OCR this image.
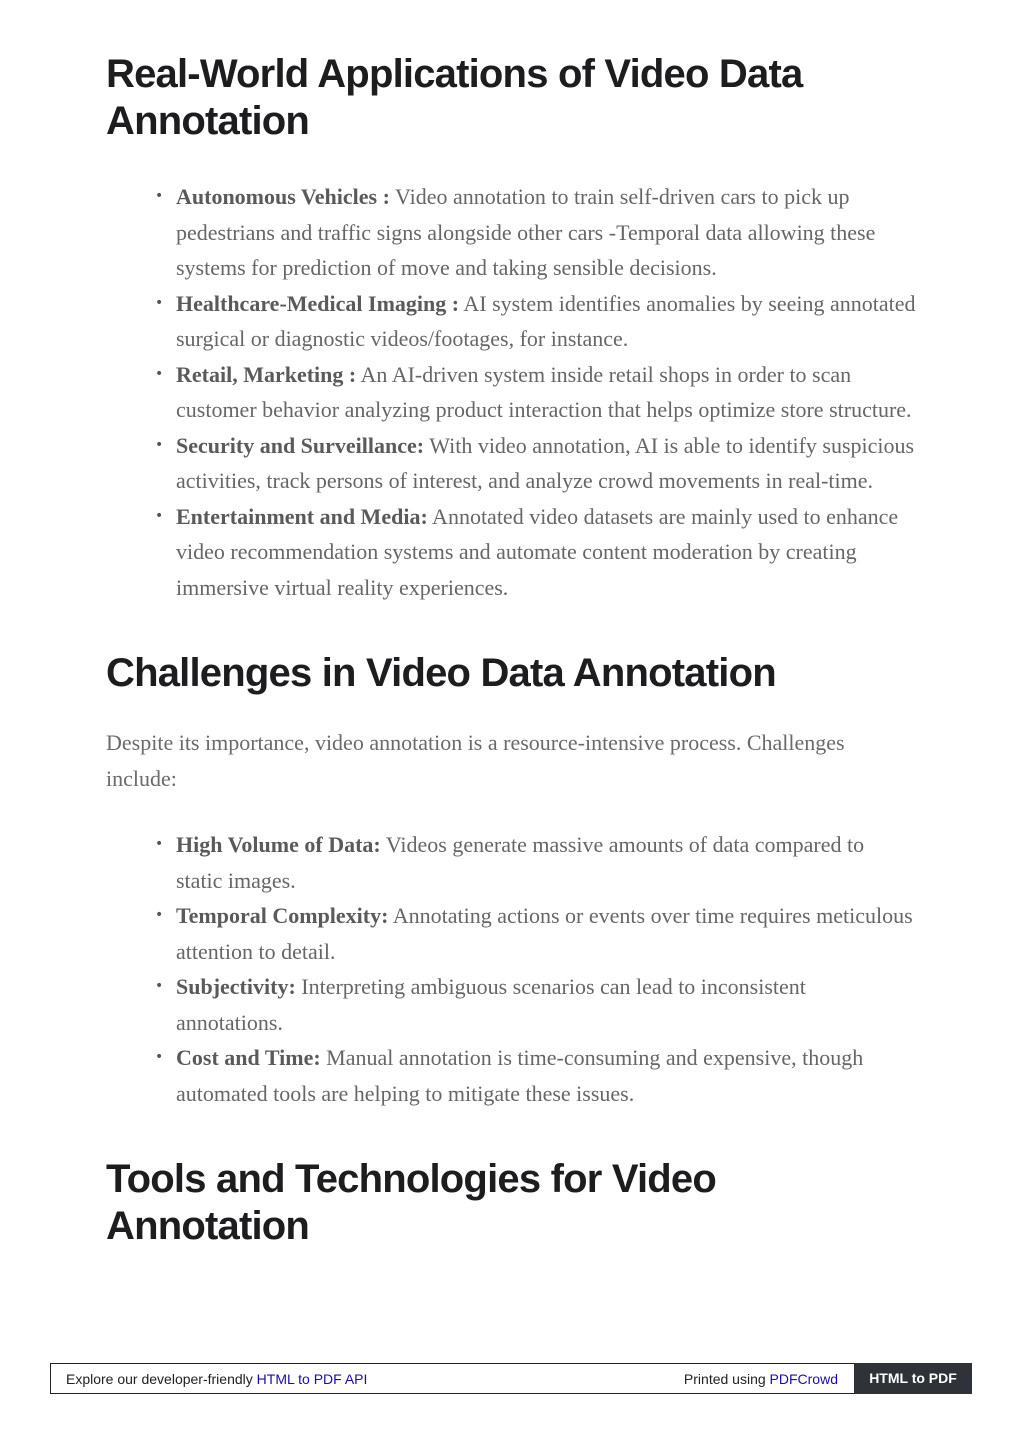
Real-World Applications of Video Data
Annotation
• Autonomous Vehicles : Video annotation to train self-driven cars to pick up pedestrians and traffic signs alongside other cars -Temporal data allowing these systems for prediction of move and taking sensible decisions.
• Healthcare-Medical Imaging : AI system identifies anomalies by seeing annotated surgical or diagnostic videos/footages, for instance.
• Retail, Marketing : An AI-driven system inside retail shops in order to scan customer behavior analyzing product interaction that helps optimize store structure.
• Security and Surveillance: With video annotation, AI is able to identify suspicious activities, track persons of interest, and analyze crowd movements in real-time.
• Entertainment and Media: Annotated video datasets are mainly used to enhance video recommendation systems and automate content moderation by creating immersive virtual reality experiences.
Challenges in Video Data Annotation

Despite its importance, video annotation is a resource-intensive process. Challenges include:

• High Volume of Data: Videos generate massive amounts of data compared to static images.
• Temporal Complexity: Annotating actions or events over time requires meticulous attention to detail.
• Subjectivity: Interpreting ambiguous scenarios can lead to inconsistent annotations.
• Cost and Time: Manual annotation is time-consuming and expensive, though automated tools are helping to mitigate these issues.
Tools and Technologies for Video
Annotation
Explore our developer-friendly HTML to PDF API	Printed using PDFCrowd	HTML to PDF
